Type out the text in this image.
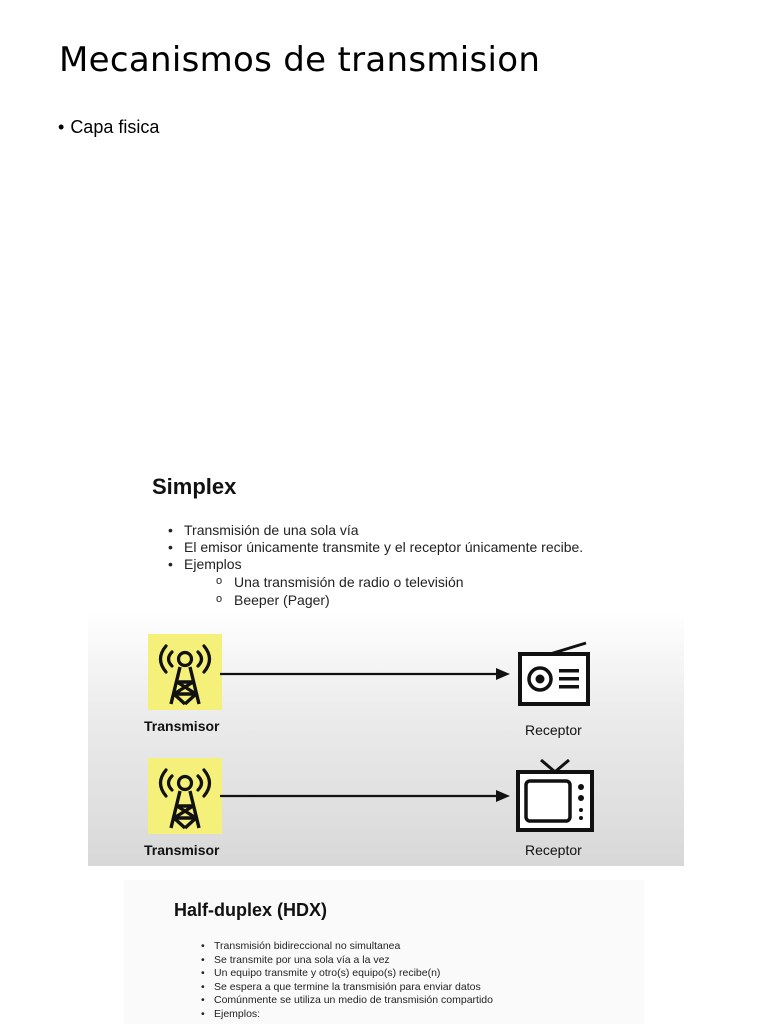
Mecanismos de transmision
• Capa fisica
Simplex
• Transmisión de una sola vía
• El emisor únicamente transmite y el receptor únicamente recibe.
• Ejemplos
o Una transmisión de radio o televisión
o Beeper (Pager)
Transmisor	Receptor
Transmisor	Receptor
Half-duplex (HDX)
• Transmisión bidireccional no simultanea
• Se transmite por una sola vía a la vez
• Un equipo transmite y otro(s) equipo(s) recibe(n)
• Se espera a que termine la transmisión para enviar datos
• Comúnmente se utiliza un medio de transmisión compartido
• Ejemplos:
